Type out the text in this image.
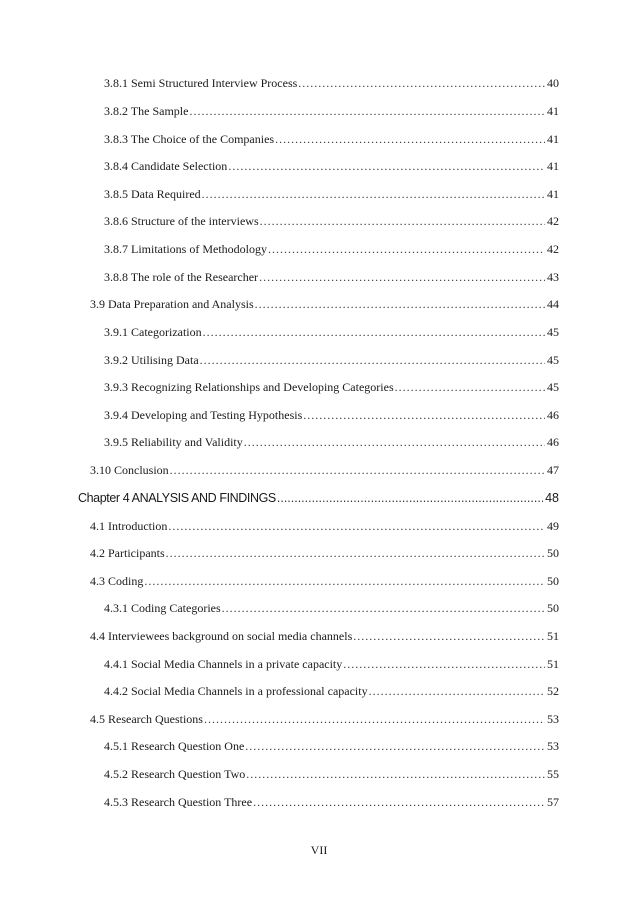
3.8.1 Semi Structured Interview Process .....	40
3.8.2 The Sample .....	41
3.8.3 The Choice of the Companies .....	41
3.8.4 Candidate Selection .....	41
3.8.5 Data Required .....	41
3.8.6 Structure of the interviews .....	42
3.8.7 Limitations of Methodology .....	42
3.8.8 The role of the Researcher .....	43
3.9 Data Preparation and Analysis .....	44
3.9.1 Categorization .....	45
3.9.2 Utilising Data .....	45
3.9.3 Recognizing Relationships and Developing Categories .....	45
3.9.4 Developing and Testing Hypothesis .....	46
3.9.5 Reliability and Validity .....	46
3.10 Conclusion .....	47
Chapter 4 ANALYSIS AND FINDINGS .....	48
4.1 Introduction .....	49
4.2 Participants .....	50
4.3 Coding .....	50
4.3.1 Coding Categories .....	50
4.4 Interviewees background on social media channels .....	51
4.4.1 Social Media Channels in a private capacity .....	51
4.4.2 Social Media Channels in a professional capacity .....	52
4.5 Research Questions .....	53
4.5.1 Research Question One .....	53
4.5.2 Research Question Two .....	55
4.5.3 Research Question Three .....	57
VII
